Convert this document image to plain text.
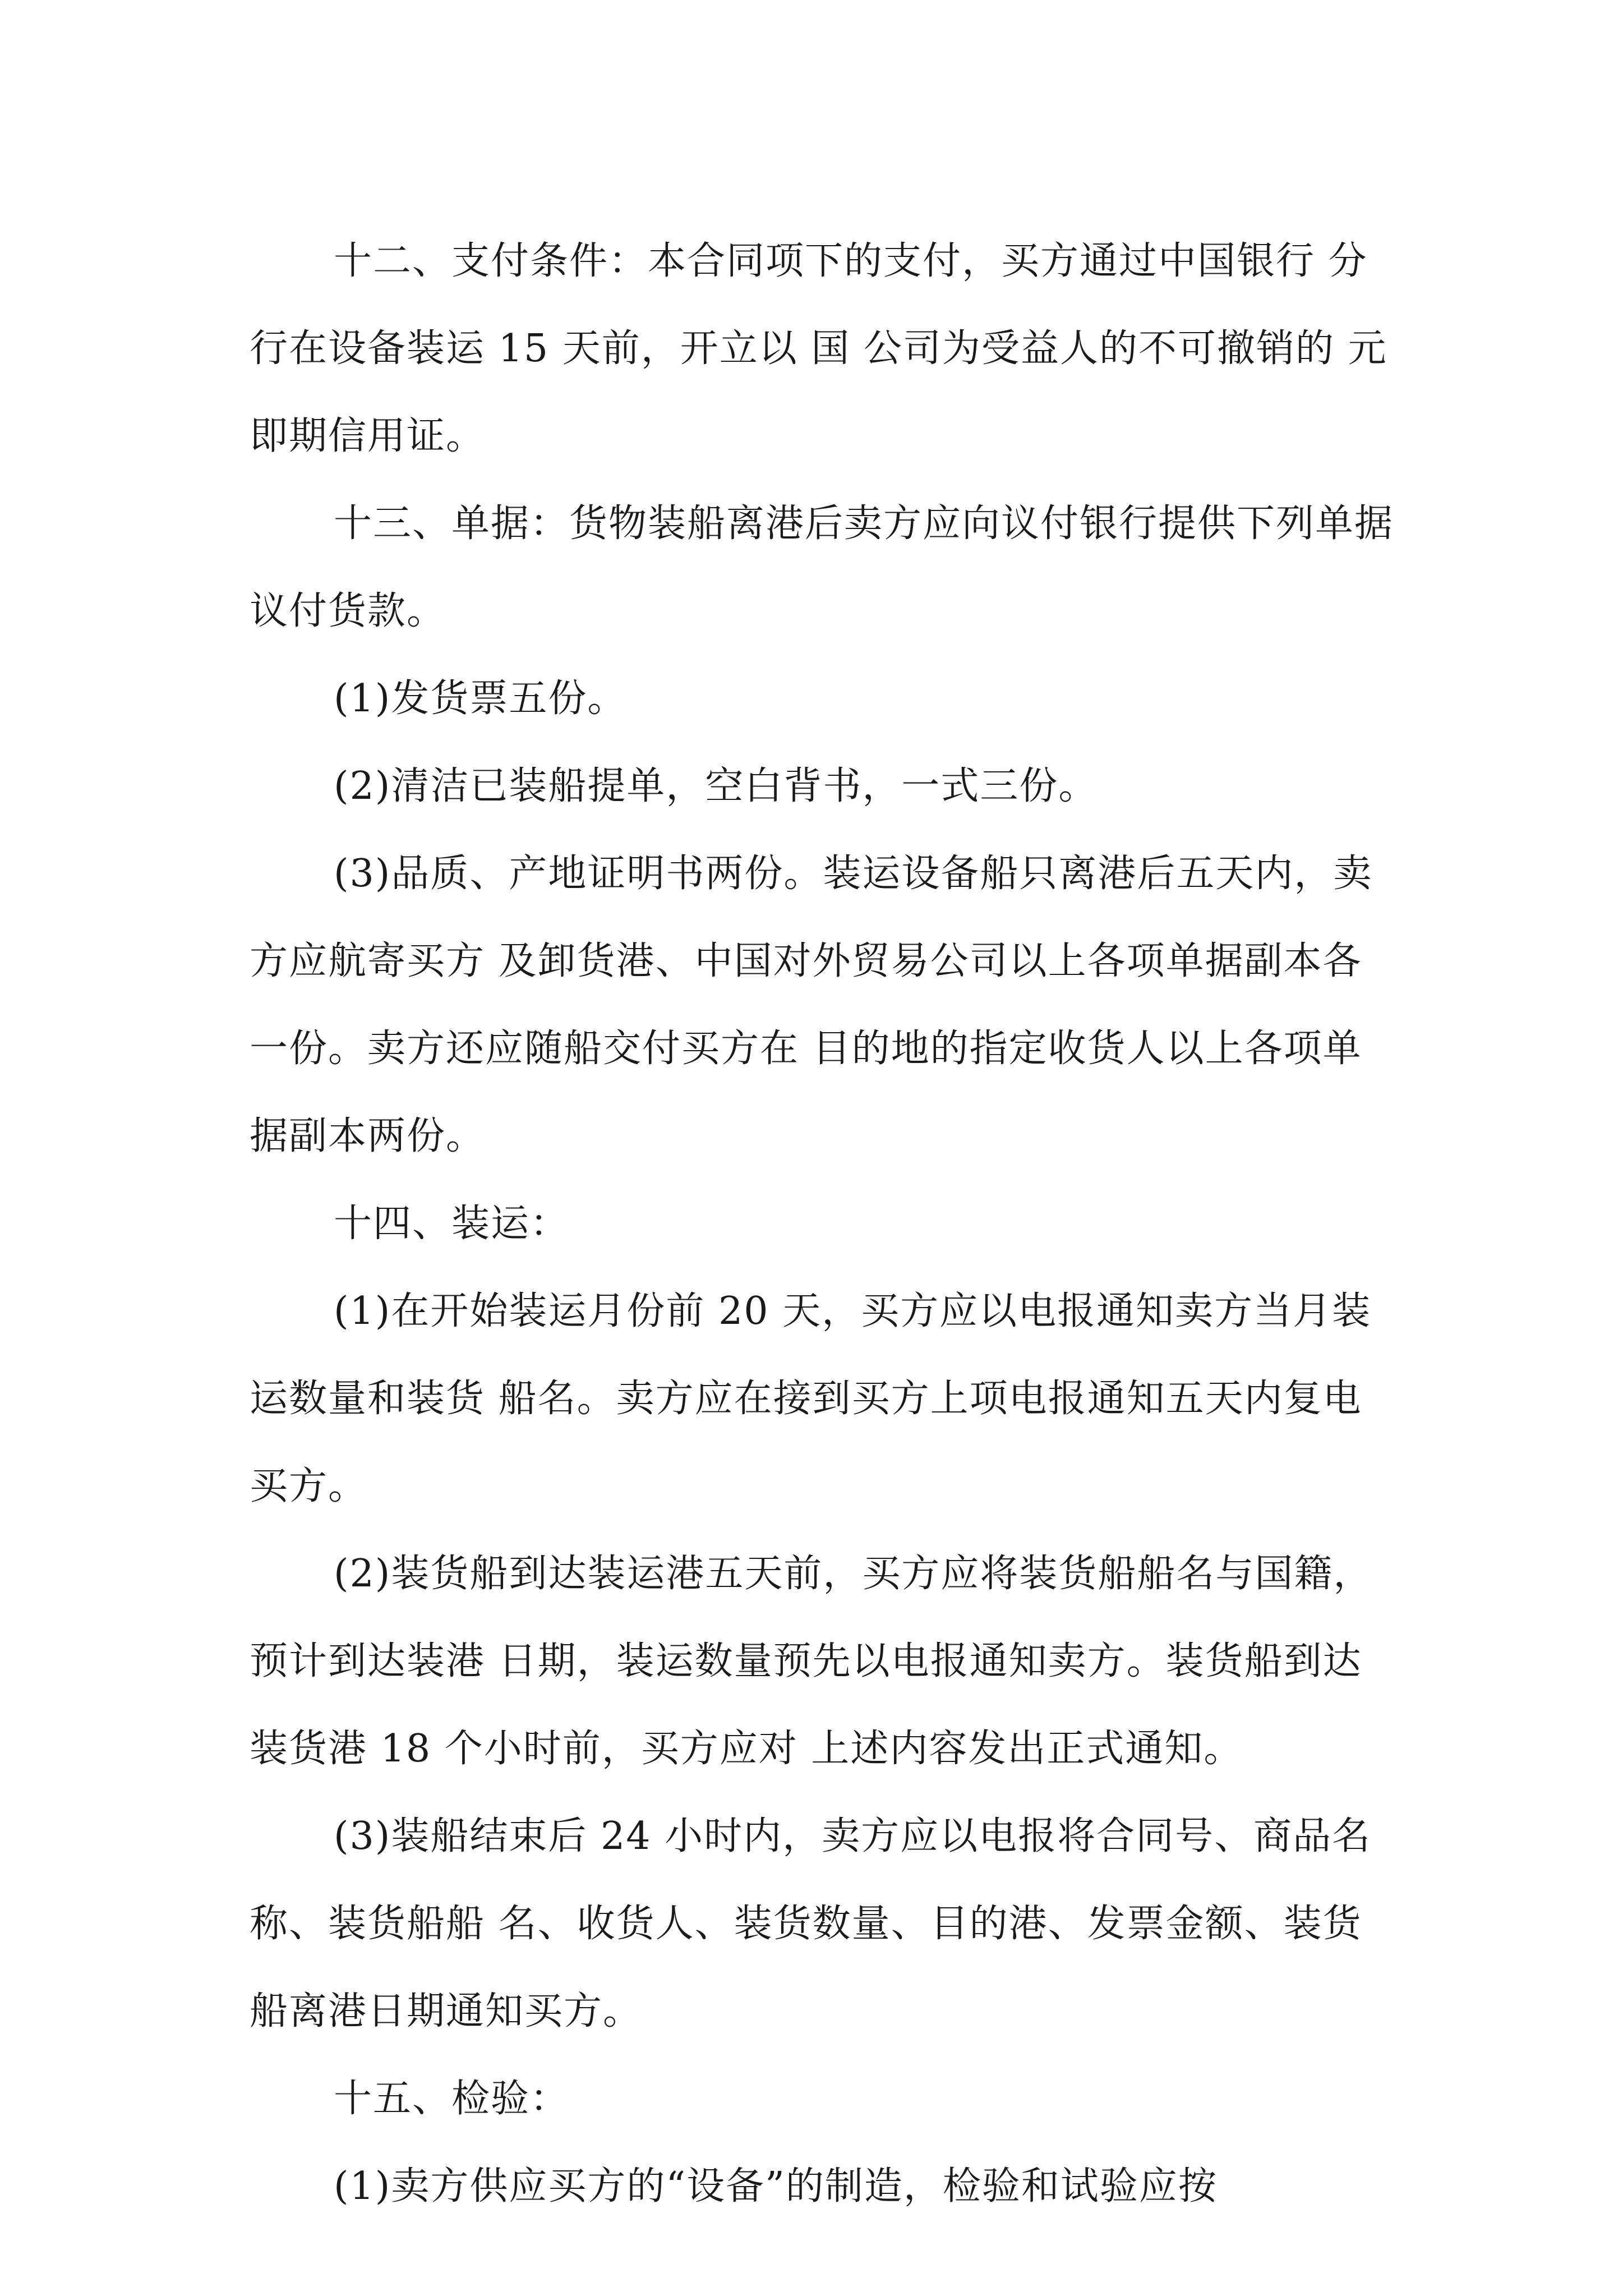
十二、支付条件：本合同项下的支付，买方通过中国银行 分行在设备装运 15 天前，开立以 国 公司为受益人的不可撤销的 元即期信用证。

十三、单据：货物装船离港后卖方应向议付银行提供下列单据议付货款。

(1)发货票五份。

(2)清洁已装船提单，空白背书，一式三份。

(3)品质、产地证明书两份。装运设备船只离港后五天内，卖方应航寄买方 及卸货港、中国对外贸易公司以上各项单据副本各一份。卖方还应随船交付买方在 目的地的指定收货人以上各项单据副本两份。

十四、装运：

(1)在开始装运月份前 20 天，买方应以电报通知卖方当月装运数量和装货 船名。卖方应在接到买方上项电报通知五天内复电买方。

(2)装货船到达装运港五天前，买方应将装货船船名与国籍，预计到达装港 日期，装运数量预先以电报通知卖方。装货船到达装货港 18 个小时前，买方应对 上述内容发出正式通知。

(3)装船结束后 24 小时内，卖方应以电报将合同号、商品名称、装货船船 名、收货人、装货数量、目的港、发票金额、装货船离港日期通知买方。

十五、检验：

(1)卖方供应买方的“设备”的制造，检验和试验应按
